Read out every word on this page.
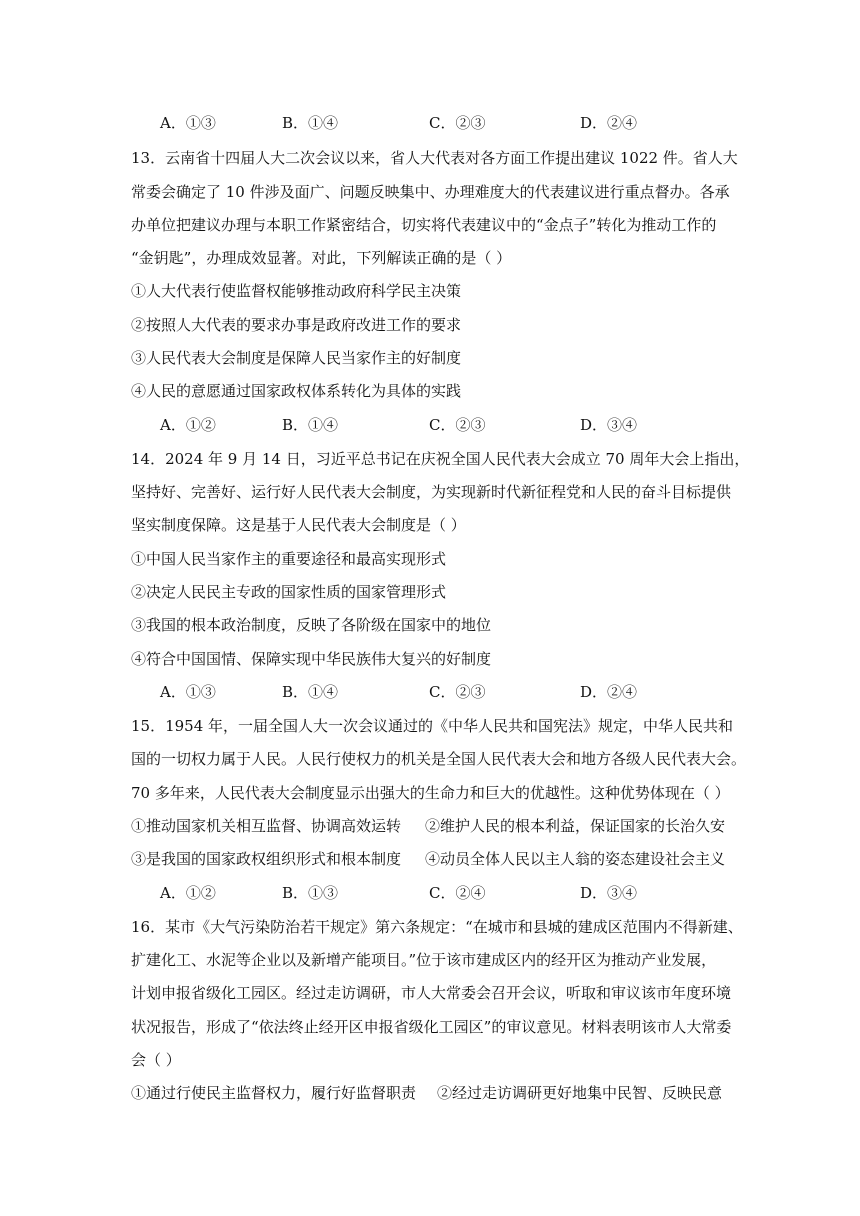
A．①③	B．①④	C．②③	D．②④
13．云南省十四届人大二次会议以来，省人大代表对各方面工作提出建议 1022 件。省人大
常委会确定了 10 件涉及面广、问题反映集中、办理难度大的代表建议进行重点督办。各承
办单位把建议办理与本职工作紧密结合，切实将代表建议中的“金点子”转化为推动工作的
“金钥匙”，办理成效显著。对此，下列解读正确的是（ ）
①人大代表行使监督权能够推动政府科学民主决策
②按照人大代表的要求办事是政府改进工作的要求
③人民代表大会制度是保障人民当家作主的好制度
④人民的意愿通过国家政权体系转化为具体的实践
A．①②	B．①④	C．②③	D．③④
14．2024 年 9 月 14 日，习近平总书记在庆祝全国人民代表大会成立 70 周年大会上指出，
坚持好、完善好、运行好人民代表大会制度，为实现新时代新征程党和人民的奋斗目标提供
坚实制度保障。这是基于人民代表大会制度是（ ）
①中国人民当家作主的重要途径和最高实现形式
②决定人民民主专政的国家性质的国家管理形式
③我国的根本政治制度，反映了各阶级在国家中的地位
④符合中国国情、保障实现中华民族伟大复兴的好制度
A．①③	B．①④	C．②③	D．②④
15．1954 年，一届全国人大一次会议通过的《中华人民共和国宪法》规定，中华人民共和
国的一切权力属于人民。人民行使权力的机关是全国人民代表大会和地方各级人民代表大会。
70 多年来，人民代表大会制度显示出强大的生命力和巨大的优越性。这种优势体现在（ ）
①推动国家机关相互监督、协调高效运转 ②维护人民的根本利益，保证国家的长治久安
③是我国的国家政权组织形式和根本制度 ④动员全体人民以主人翁的姿态建设社会主义
A．①②	B．①③	C．②④	D．③④
16．某市《大气污染防治若干规定》第六条规定：“在城市和县城的建成区范围内不得新建、
扩建化工、水泥等企业以及新增产能项目。”位于该市建成区内的经开区为推动产业发展，
计划申报省级化工园区。经过走访调研，市人大常委会召开会议，听取和审议该市年度环境
状况报告，形成了“依法终止经开区申报省级化工园区”的审议意见。材料表明该市人大常委
会（ ）
①通过行使民主监督权力，履行好监督职责 ②经过走访调研更好地集中民智、反映民意
